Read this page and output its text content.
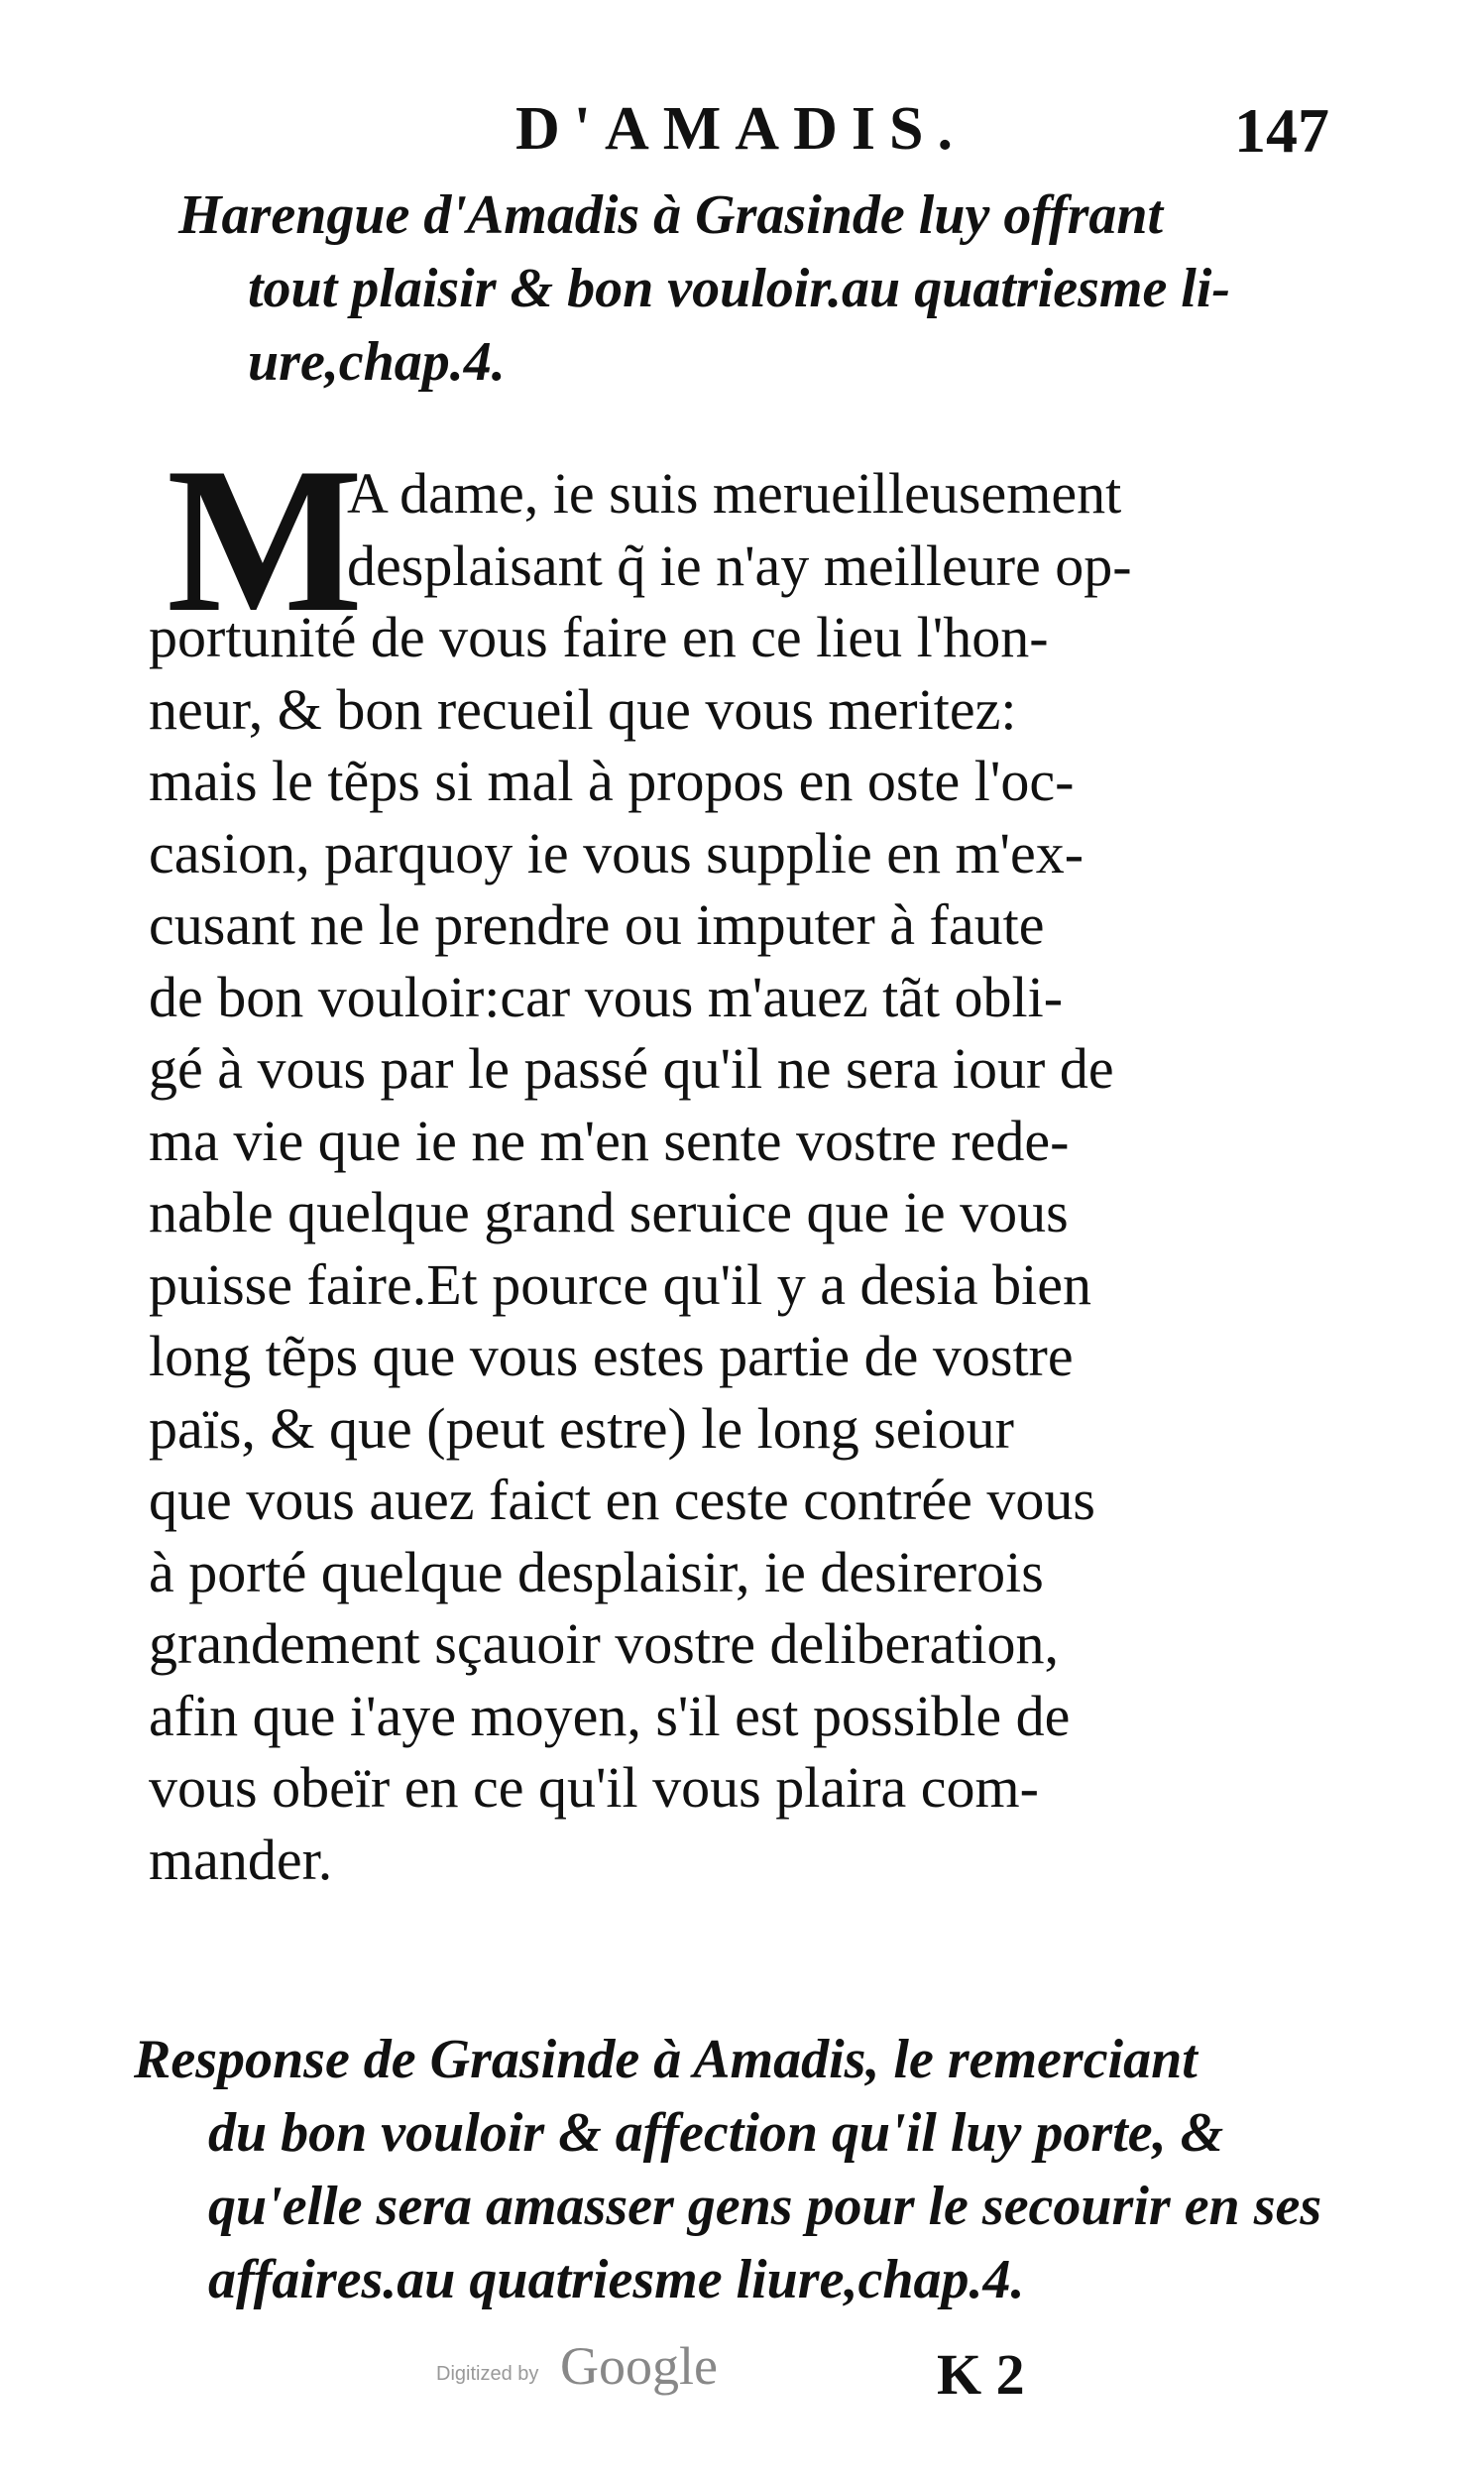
D'AMADIS.	147
Harengue d'Amadis à Grasinde luy offrant
tout plaisir & bon vouloir.au quatriesme li-
ure,chap.4.
M
A dame, ie suis merueilleusement
desplaisant q̃ ie n'ay meilleure op-
portunité de vous faire en ce lieu l'hon-
neur, & bon recueil que vous meritez:
mais le tẽps si mal à propos en oste l'oc-
casion, parquoy ie vous supplie en m'ex-
cusant ne le prendre ou imputer à faute
de bon vouloir:car vous m'auez tãt obli-
gé à vous par le passé qu'il ne sera iour de
ma vie que ie ne m'en sente vostre rede-
nable quelque grand seruice que ie vous
puisse faire.Et pource qu'il y a desia bien
long tẽps que vous estes partie de vostre
païs, & que (peut estre) le long seiour
que vous auez faict en ceste contrée vous
à porté quelque desplaisir, ie desirerois
grandement sçauoir vostre deliberation,
afin que i'aye moyen, s'il est possible de
vous obeïr en ce qu'il vous plaira com-
mander.
Response de Grasinde à Amadis, le remerciant
du bon vouloir & affection qu'il luy porte, &
qu'elle sera amasser gens pour le secourir en ses
affaires.au quatriesme liure,chap.4.
Digitized by Google	K 2
